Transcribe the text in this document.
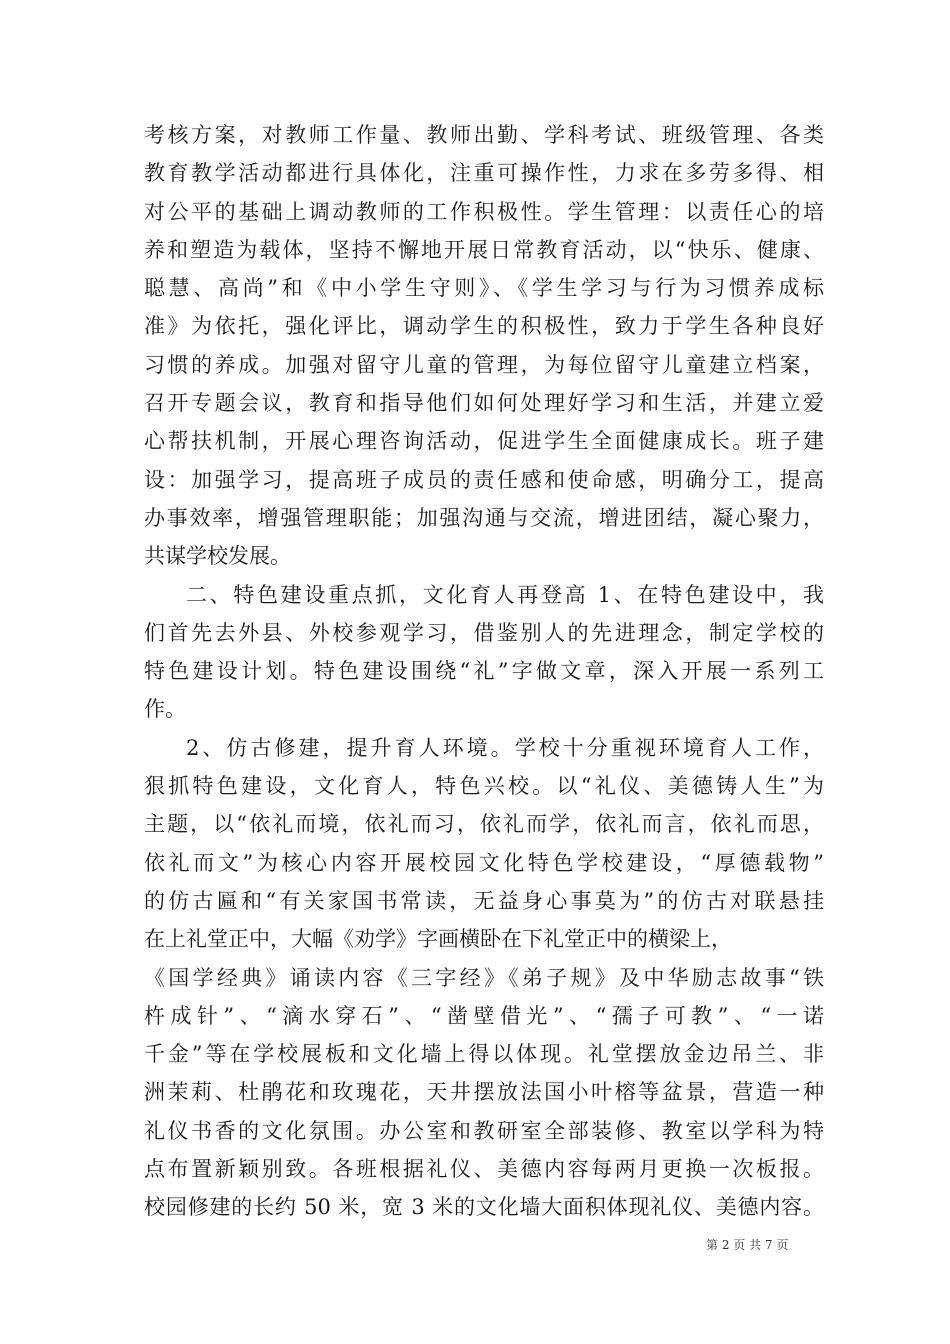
考核方案，对教师工作量、教师出勤、学科考试、班级管理、各类
教育教学活动都进行具体化，注重可操作性，力求在多劳多得、相
对公平的基础上调动教师的工作积极性。学生管理：以责任心的培
养和塑造为载体，坚持不懈地开展日常教育活动，以“快乐、健康、
聪慧、高尚”和《中小学生守则》、《学生学习与行为习惯养成标
准》为依托，强化评比，调动学生的积极性，致力于学生各种良好
习惯的养成。加强对留守儿童的管理，为每位留守儿童建立档案，
召开专题会议，教育和指导他们如何处理好学习和生活，并建立爱
心帮扶机制，开展心理咨询活动，促进学生全面健康成长。班子建
设：加强学习，提高班子成员的责任感和使命感，明确分工，提高
办事效率，增强管理职能；加强沟通与交流，增进团结，凝心聚力，
共谋学校发展。
二、特色建设重点抓，文化育人再登高 1、在特色建设中，我
们首先去外县、外校参观学习，借鉴别人的先进理念，制定学校的
特色建设计划。特色建设围绕“礼”字做文章，深入开展一系列工
作。
2、仿古修建，提升育人环境。学校十分重视环境育人工作，
狠抓特色建设，文化育人，特色兴校。以“礼仪、美德铸人生”为
主题，以“依礼而境，依礼而习，依礼而学，依礼而言，依礼而思，
依礼而文”为核心内容开展校园文化特色学校建设，“厚德载物”
的仿古匾和“有关家国书常读，无益身心事莫为”的仿古对联悬挂
在上礼堂正中，大幅《劝学》字画横卧在下礼堂正中的横梁上，
《国学经典》诵读内容《三字经》《弟子规》及中华励志故事“铁
杵成针”、“滴水穿石”、“凿壁借光”、“孺子可教”、“一诺
千金”等在学校展板和文化墙上得以体现。礼堂摆放金边吊兰、非
洲茉莉、杜鹃花和玫瑰花，天井摆放法国小叶榕等盆景，营造一种
礼仪书香的文化氛围。办公室和教研室全部装修、教室以学科为特
点布置新颖别致。各班根据礼仪、美德内容每两月更换一次板报。
校园修建的长约 50 米，宽 3 米的文化墙大面积体现礼仪、美德内容。
第 2 页 共 7 页
